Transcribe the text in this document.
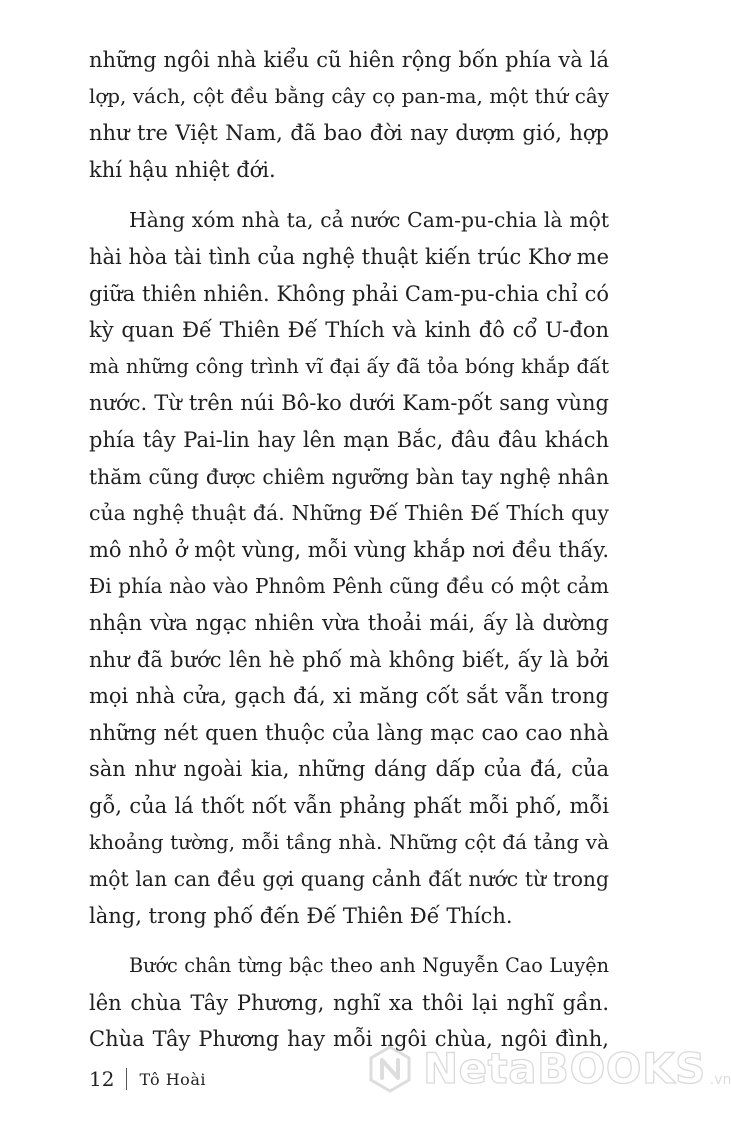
những ngôi nhà kiểu cũ hiên rộng bốn phía và lá
lợp, vách, cột đều bằng cây cọ pan-ma, một thứ cây
như tre Việt Nam, đã bao đời nay dượm gió, hợp
khí hậu nhiệt đới.

Hàng xóm nhà ta, cả nước Cam-pu-chia là một
hài hòa tài tình của nghệ thuật kiến trúc Khơ me
giữa thiên nhiên. Không phải Cam-pu-chia chỉ có
kỳ quan Đế Thiên Đế Thích và kinh đô cổ U-đon
mà những công trình vĩ đại ấy đã tỏa bóng khắp đất
nước. Từ trên núi Bô-ko dưới Kam-pốt sang vùng
phía tây Pai-lin hay lên mạn Bắc, đâu đâu khách
thăm cũng được chiêm ngưỡng bàn tay nghệ nhân
của nghệ thuật đá. Những Đế Thiên Đế Thích quy
mô nhỏ ở một vùng, mỗi vùng khắp nơi đều thấy.
Đi phía nào vào Phnôm Pênh cũng đều có một cảm
nhận vừa ngạc nhiên vừa thoải mái, ấy là dường
như đã bước lên hè phố mà không biết, ấy là bởi
mọi nhà cửa, gạch đá, xi măng cốt sắt vẫn trong
những nét quen thuộc của làng mạc cao cao nhà
sàn như ngoài kia, những dáng dấp của đá, của
gỗ, của lá thốt nốt vẫn phảng phất mỗi phố, mỗi
khoảng tường, mỗi tầng nhà. Những cột đá tảng và
một lan can đều gợi quang cảnh đất nước từ trong
làng, trong phố đến Đế Thiên Đế Thích.

Bước chân từng bậc theo anh Nguyễn Cao Luyện
lên chùa Tây Phương, nghĩ xa thôi lại nghĩ gần.
Chùa Tây Phương hay mỗi ngôi chùa, ngôi đình,

12 Tô Hoài	NetaBOOKS .vn
